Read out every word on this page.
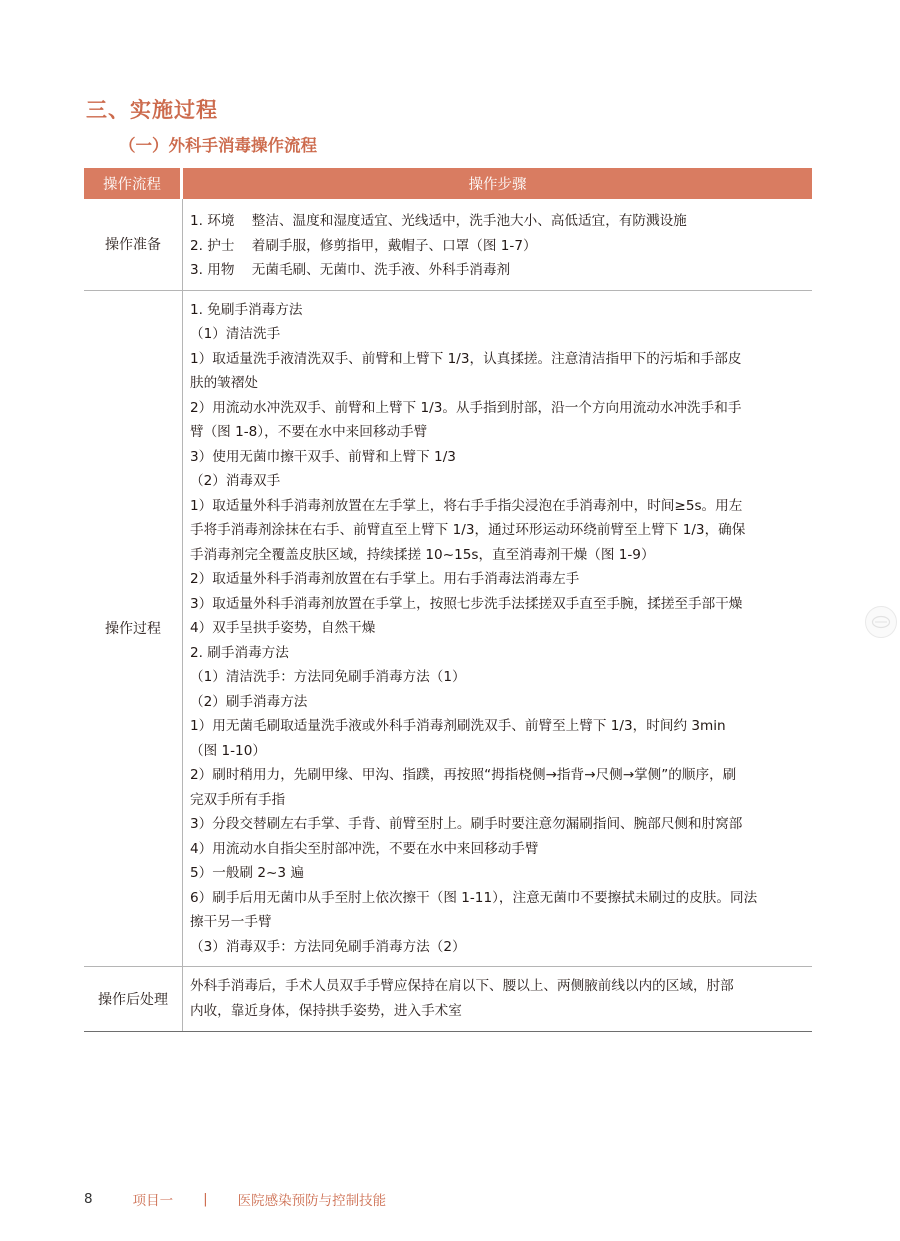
三、实施过程
（一）外科手消毒操作流程
操作流程	操作步骤
操作准备
1. 环境    整洁、温度和湿度适宜、光线适中，洗手池大小、高低适宜，有防溅设施
2. 护士    着刷手服，修剪指甲，戴帽子、口罩（图 1-7）
3. 用物    无菌毛刷、无菌巾、洗手液、外科手消毒剂
操作过程
1. 免刷手消毒方法
（1）清洁洗手
1）取适量洗手液清洗双手、前臂和上臂下 1/3，认真揉搓。注意清洁指甲下的污垢和手部皮
肤的皱褶处
2）用流动水冲洗双手、前臂和上臂下 1/3。从手指到肘部，沿一个方向用流动水冲洗手和手
臂（图 1-8），不要在水中来回移动手臂
3）使用无菌巾擦干双手、前臂和上臂下 1/3
（2）消毒双手
1）取适量外科手消毒剂放置在左手掌上，将右手手指尖浸泡在手消毒剂中，时间≥5s。用左
手将手消毒剂涂抹在右手、前臂直至上臂下 1/3，通过环形运动环绕前臂至上臂下 1/3，确保
手消毒剂完全覆盖皮肤区域，持续揉搓 10~15s，直至消毒剂干燥（图 1-9）
2）取适量外科手消毒剂放置在右手掌上。用右手消毒法消毒左手
3）取适量外科手消毒剂放置在手掌上，按照七步洗手法揉搓双手直至手腕，揉搓至手部干燥
4）双手呈拱手姿势，自然干燥
2. 刷手消毒方法
（1）清洁洗手：方法同免刷手消毒方法（1）
（2）刷手消毒方法
1）用无菌毛刷取适量洗手液或外科手消毒剂刷洗双手、前臂至上臂下 1/3，时间约 3min
（图 1-10）
2）刷时稍用力，先刷甲缘、甲沟、指蹼，再按照“拇指桡侧→指背→尺侧→掌侧”的顺序，刷
完双手所有手指
3）分段交替刷左右手掌、手背、前臂至肘上。刷手时要注意勿漏刷指间、腕部尺侧和肘窝部
4）用流动水自指尖至肘部冲洗，不要在水中来回移动手臂
5）一般刷 2~3 遍
6）刷手后用无菌巾从手至肘上依次擦干（图 1-11），注意无菌巾不要擦拭未刷过的皮肤。同法
擦干另一手臂
（3）消毒双手：方法同免刷手消毒方法（2）
操作后处理
外科手消毒后，手术人员双手手臂应保持在肩以下、腰以上、两侧腋前线以内的区域，肘部
内收，靠近身体，保持拱手姿势，进入手术室
8	项目一 | 医院感染预防与控制技能
